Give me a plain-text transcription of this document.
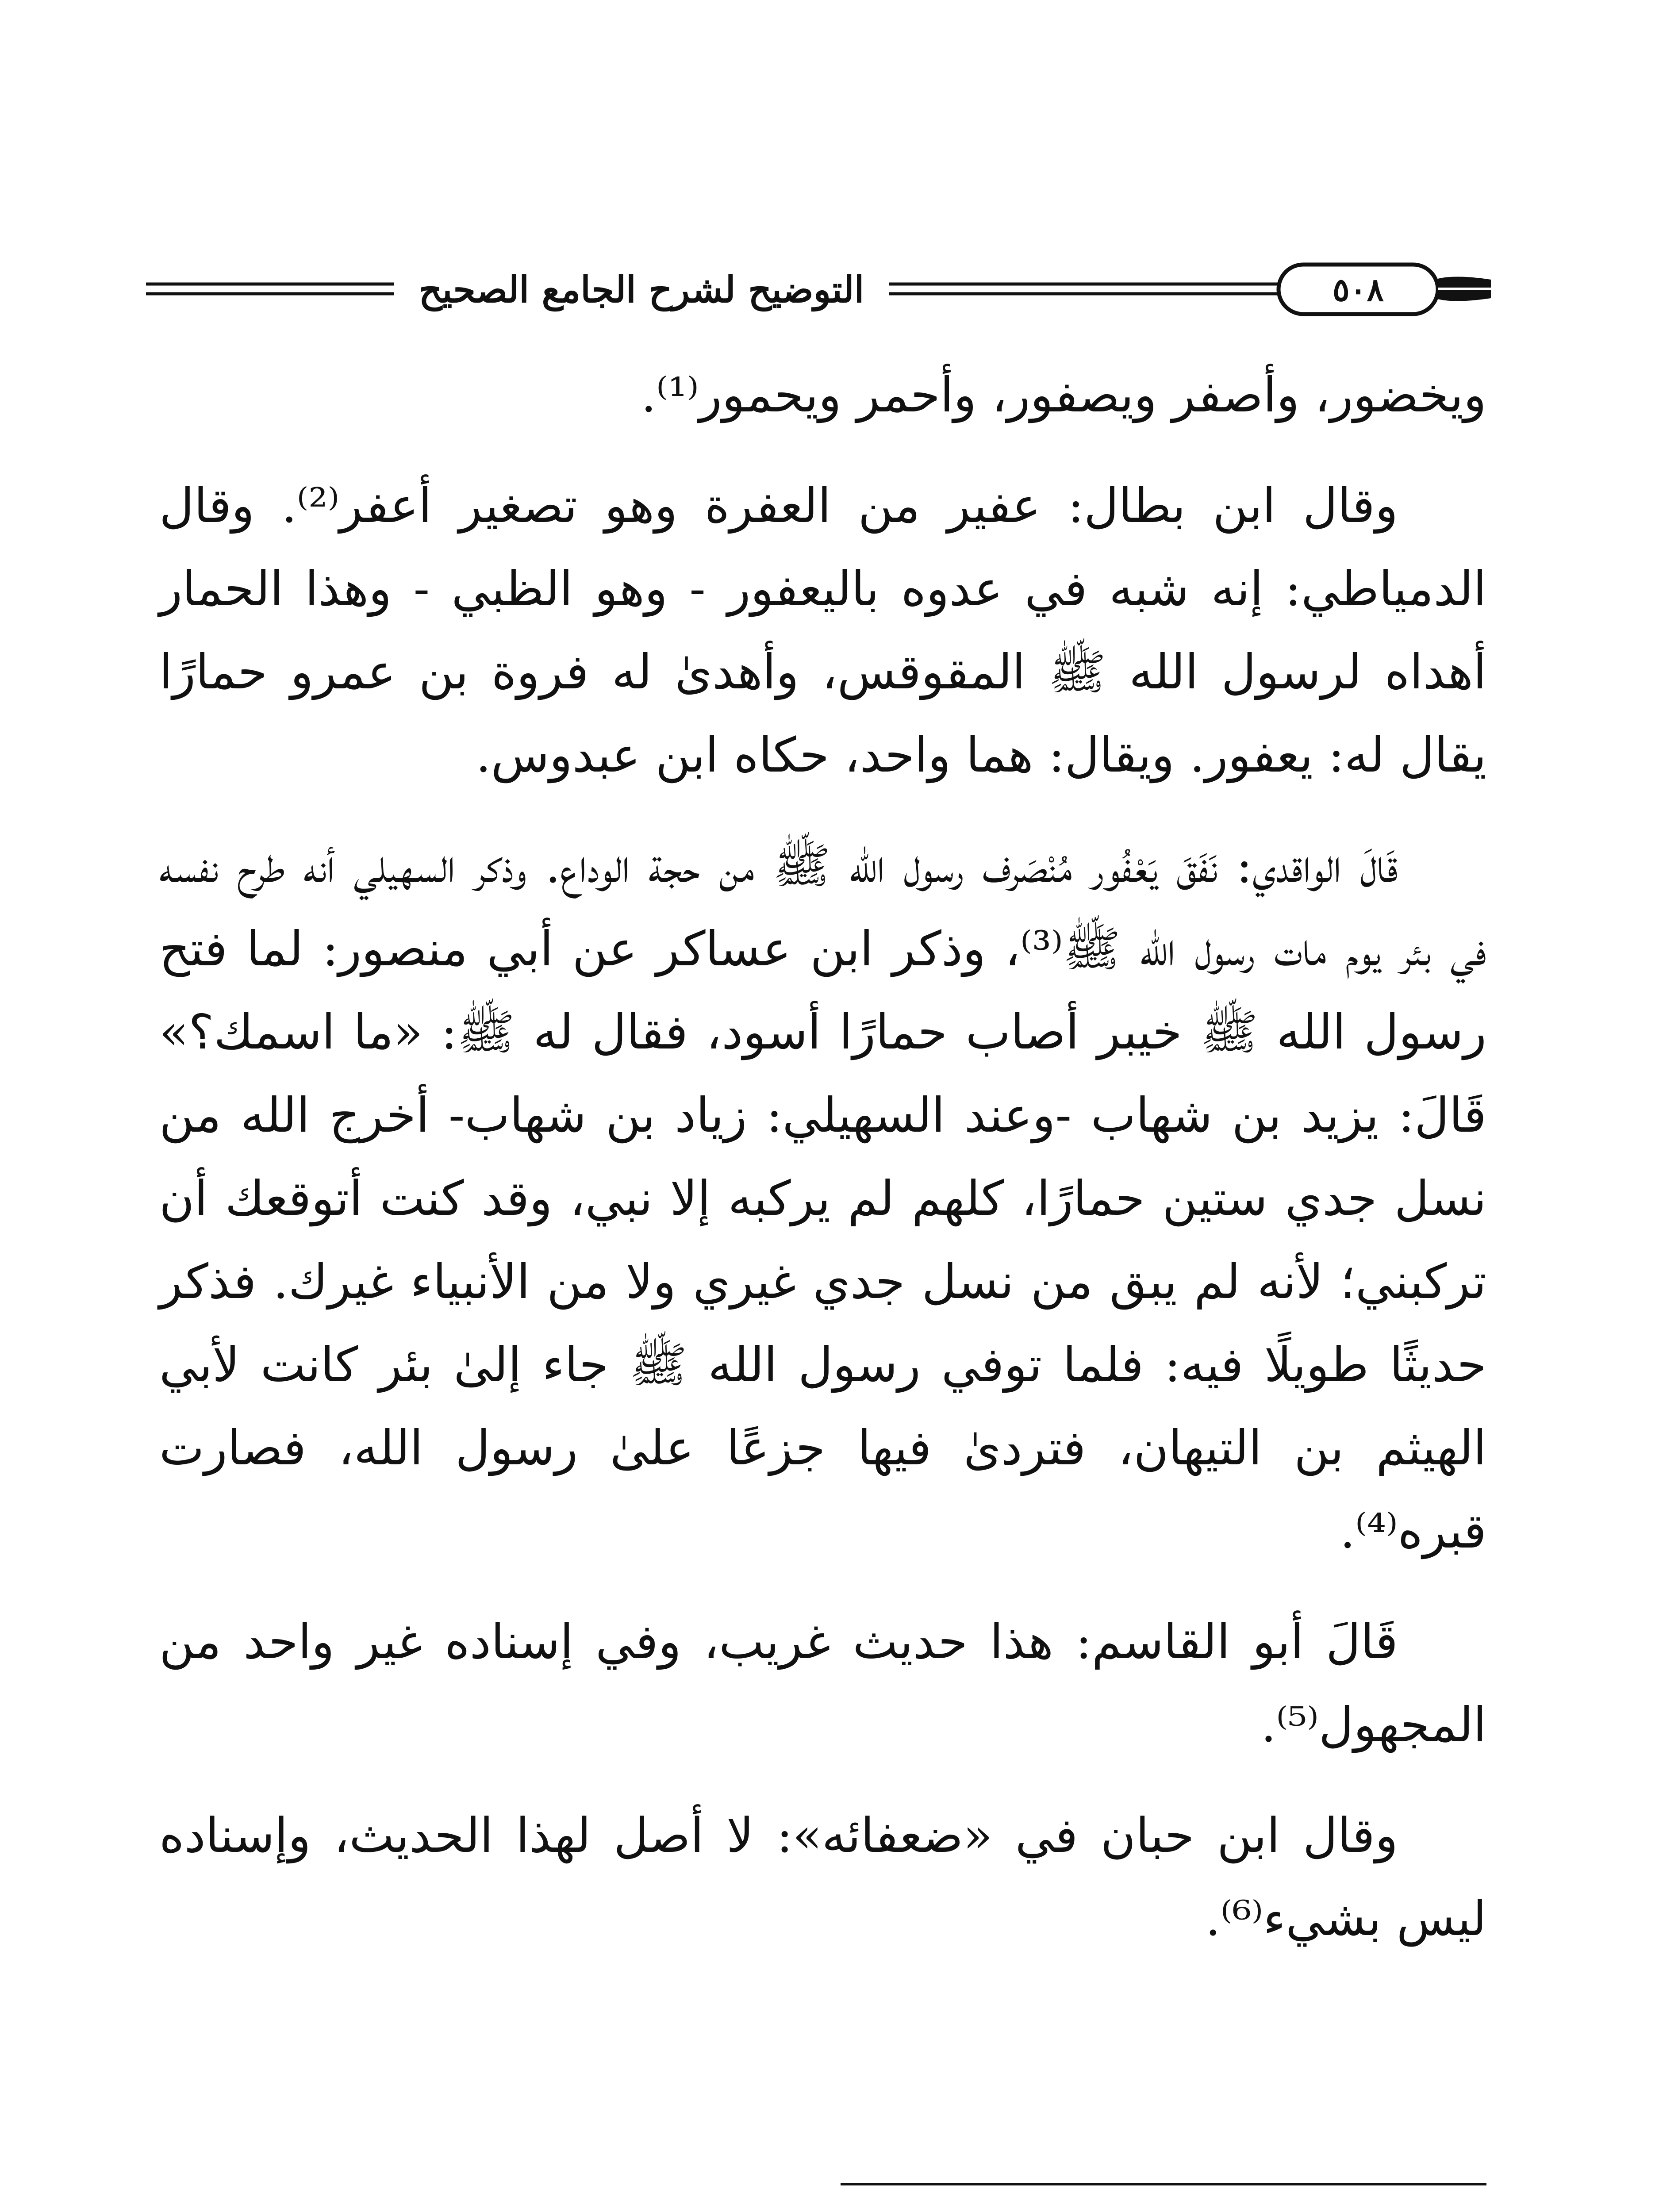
٥٠٨
التوضيح لشرح الجامع الصحيح

ويخضور، وأصفر ويصفور، وأحمر ويحمور⁽¹⁾.

وقال ابن بطال: عفير من العفرة وهو تصغير أعفر⁽²⁾. وقال الدمياطي: إنه شبه في عدوه باليعفور - وهو الظبي - وهذا الحمار أهداه لرسول الله ﷺ المقوقس، وأهدىٰ له فروة بن عمرو حمارًا يقال له: يعفور. ويقال: هما واحد، حكاه ابن عبدوس.

قَالَ الواقدي: نَفَقَ يَعْفُور مُنْصَرف رسول الله ﷺ من حجة الوداع. وذكر السهيلي أنه طرح نفسه في بئر يوم مات رسول الله ﷺ⁽³⁾، وذكر ابن عساكر عن أبي منصور: لما فتح رسول الله ﷺ خيبر أصاب حمارًا أسود، فقال له ﷺ: «ما اسمك؟» قَالَ: يزيد بن شهاب -وعند السهيلي: زياد بن شهاب- أخرج الله من نسل جدي ستين حمارًا، كلهم لم يركبه إلا نبي، وقد كنت أتوقعك أن تركبني؛ لأنه لم يبق من نسل جدي غيري ولا من الأنبياء غيرك. فذكر حديثًا طويلًا فيه: فلما توفي رسول الله ﷺ جاء إلىٰ بئر كانت لأبي الهيثم بن التيهان، فتردىٰ فيها جزعًا علىٰ رسول الله، فصارت قبره⁽⁴⁾.

قَالَ أبو القاسم: هذا حديث غريب، وفي إسناده غير واحد من المجهول⁽⁵⁾.

وقال ابن حبان في «ضعفائه»: لا أصل لهذا الحديث، وإسناده ليس بشيء⁽⁶⁾.
